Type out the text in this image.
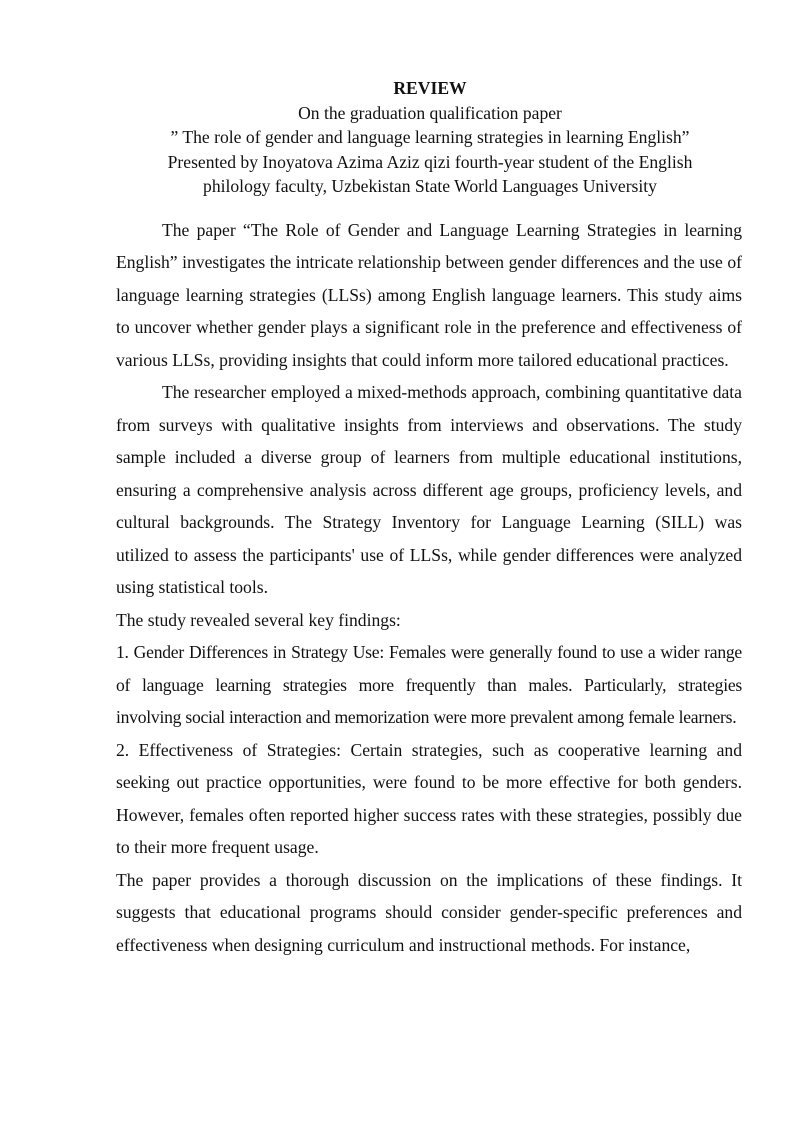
REVIEW
On the graduation qualification paper
” The role of gender and language learning strategies in learning English”
Presented by Inoyatova Azima Aziz qizi fourth-year student of the English
philology faculty, Uzbekistan State World Languages University

The paper “The Role of Gender and Language Learning Strategies in learning English” investigates the intricate relationship between gender differences and the use of language learning strategies (LLSs) among English language learners. This study aims to uncover whether gender plays a significant role in the preference and effectiveness of various LLSs, providing insights that could inform more tailored educational practices.

The researcher employed a mixed-methods approach, combining quantitative data from surveys with qualitative insights from interviews and observations. The study sample included a diverse group of learners from multiple educational institutions, ensuring a comprehensive analysis across different age groups, proficiency levels, and cultural backgrounds. The Strategy Inventory for Language Learning (SILL) was utilized to assess the participants' use of LLSs, while gender differences were analyzed using statistical tools.

The study revealed several key findings:

1. Gender Differences in Strategy Use: Females were generally found to use a wider range of language learning strategies more frequently than males. Particularly, strategies involving social interaction and memorization were more prevalent among female learners.

2. Effectiveness of Strategies: Certain strategies, such as cooperative learning and seeking out practice opportunities, were found to be more effective for both genders. However, females often reported higher success rates with these strategies, possibly due to their more frequent usage.

The paper provides a thorough discussion on the implications of these findings. It suggests that educational programs should consider gender-specific preferences and effectiveness when designing curriculum and instructional methods. For instance,
